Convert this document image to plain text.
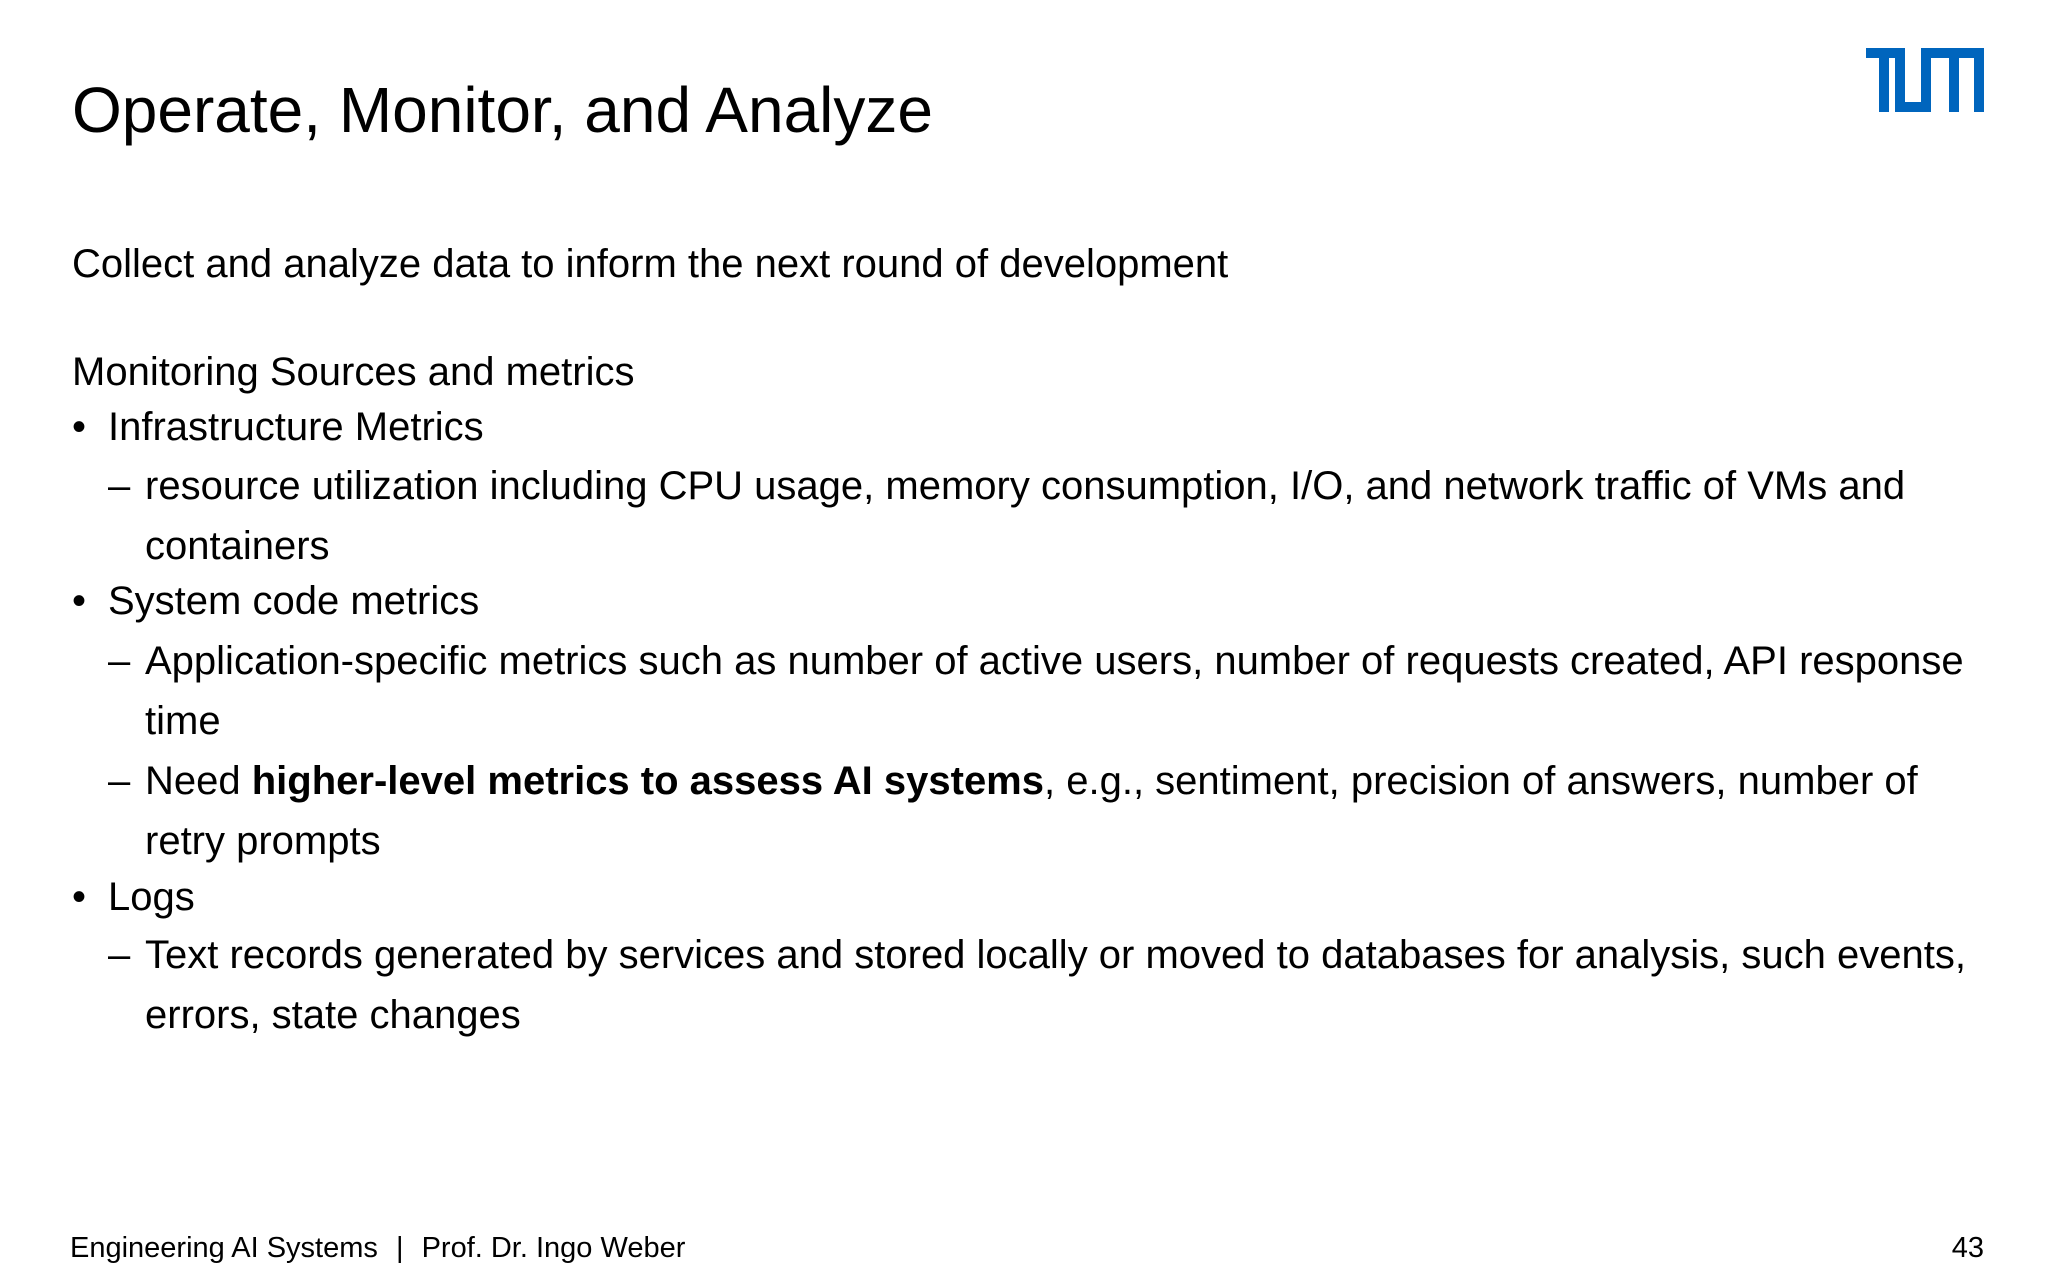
Operate, Monitor, and Analyze
Collect and analyze data to inform the next round of development
Monitoring Sources and metrics
• Infrastructure Metrics
– resource utilization including CPU usage, memory consumption, I/O, and network traffic of VMs and containers
• System code metrics
– Application-specific metrics such as number of active users, number of requests created, API response time
– Need higher-level metrics to assess AI systems, e.g., sentiment, precision of answers, number of retry prompts
• Logs
– Text records generated by services and stored locally or moved to databases for analysis, such events, errors, state changes
Engineering AI Systems | Prof. Dr. Ingo Weber	43
